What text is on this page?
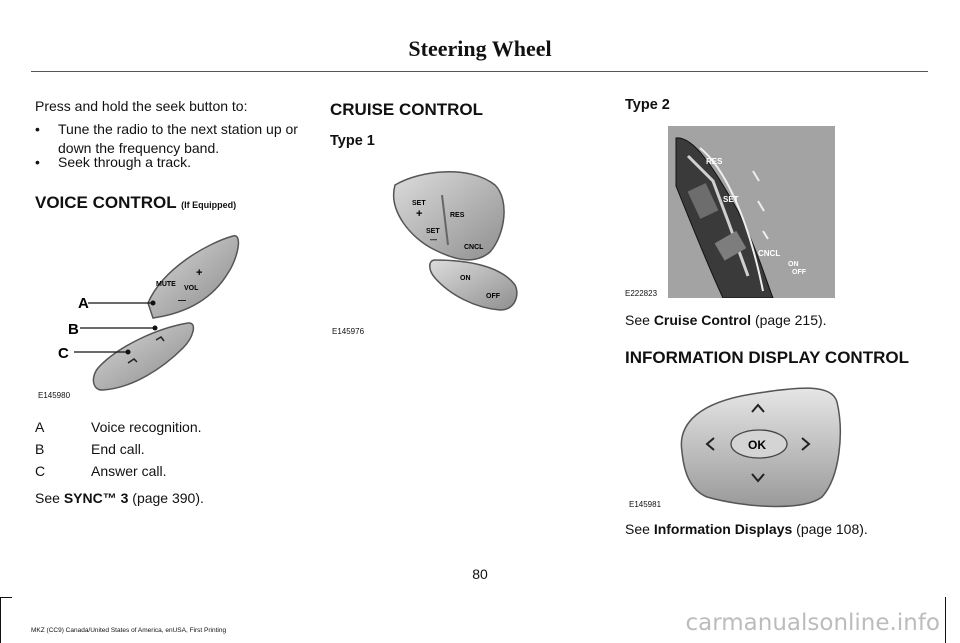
Steering Wheel
Press and hold the seek button to:
• Tune the radio to the next station up or down the frequency band.
• Seek through a track.
VOICE CONTROL (If Equipped)
A
B
C
MUTE
VOL
+
—
E145980
A	Voice recognition.
B	End call.
C	Answer call.
See SYNC™ 3 (page 390).
CRUISE CONTROL
Type 1
SET
+
SET
—
RES
CNCL
ON
OFF
E145976
Type 2
RES
SET
CNCL
ON
OFF
E222823
See Cruise Control (page 215).
INFORMATION DISPLAY CONTROL
OK
E145981
See Information Displays (page 108).
80
MKZ (CC9) Canada/United States of America, enUSA, First Printing	carmanualsonline.info
